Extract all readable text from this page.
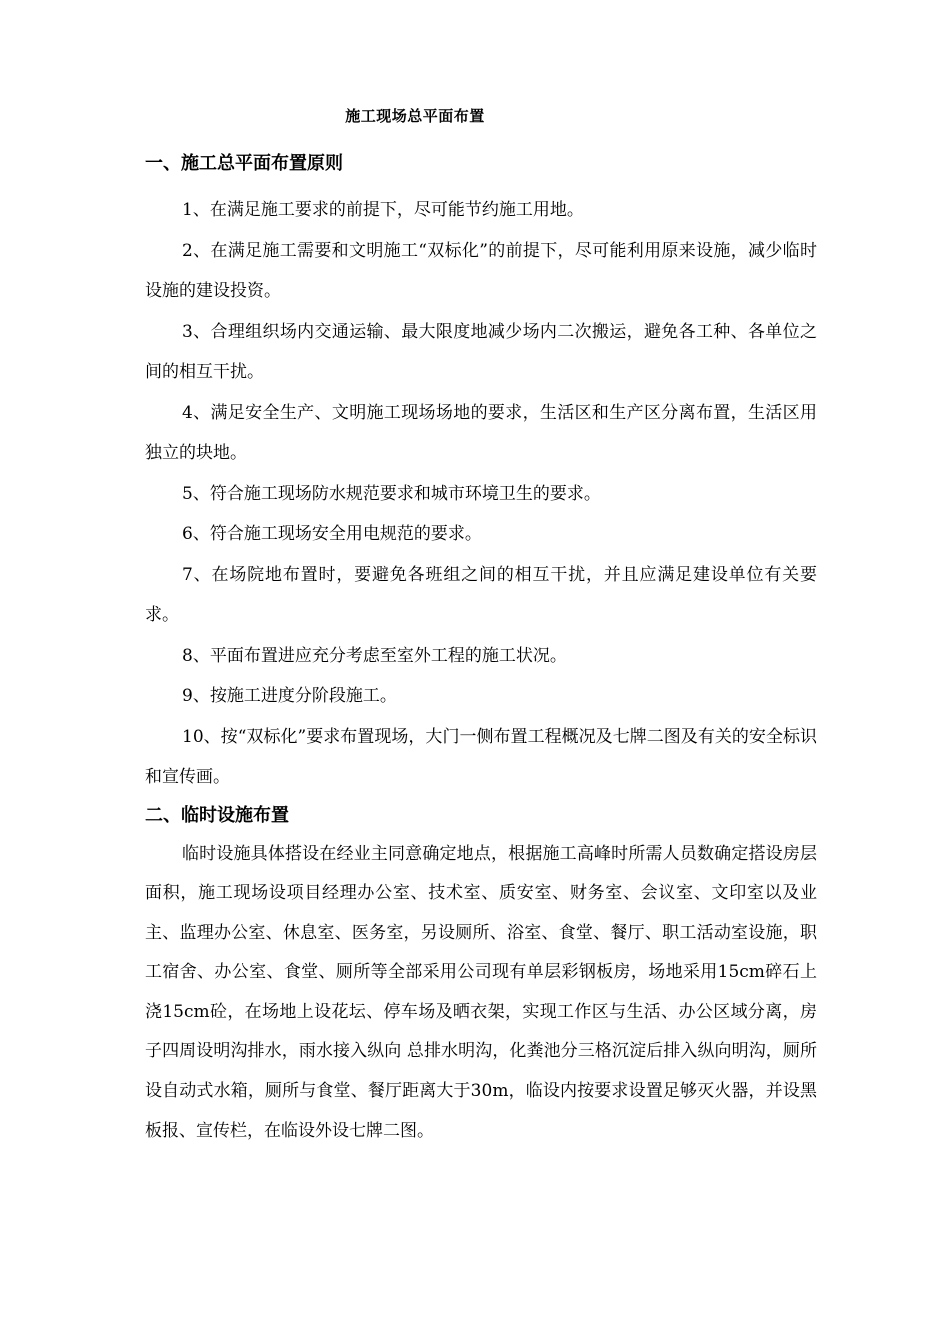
施工现场总平面布置
一、施工总平面布置原则

1、在满足施工要求的前提下，尽可能节约施工用地。

2、在满足施工需要和文明施工“双标化”的前提下，尽可能利用原来设施，减少临时设施的建设投资。

3、合理组织场内交通运输、最大限度地减少场内二次搬运，避免各工种、各单位之间的相互干扰。

4、满足安全生产、文明施工现场场地的要求，生活区和生产区分离布置，生活区用独立的块地。

5、符合施工现场防水规范要求和城市环境卫生的要求。

6、符合施工现场安全用电规范的要求。

7、在场院地布置时，要避免各班组之间的相互干扰，并且应满足建设单位有关要求。

8、平面布置进应充分考虑至室外工程的施工状况。

9、按施工进度分阶段施工。

10、按“双标化”要求布置现场，大门一侧布置工程概况及七牌二图及有关的安全标识和宣传画。

二、临时设施布置

临时设施具体搭设在经业主同意确定地点，根据施工高峰时所需人员数确定搭设房层面积，施工现场设项目经理办公室、技术室、质安室、财务室、会议室、文印室以及业主、监理办公室、休息室、医务室，另设厕所、浴室、食堂、餐厅、职工活动室设施，职工宿舍、办公室、食堂、厕所等全部采用公司现有单层彩钢板房，场地采用15cm碎石上浇15cm砼，在场地上设花坛、停车场及晒衣架，实现工作区与生活、办公区域分离，房子四周设明沟排水，雨水接入纵向 总排水明沟，化粪池分三格沉淀后排入纵向明沟，厕所设自动式水箱，厕所与食堂、餐厅距离大于30m，临设内按要求设置足够灭火器，并设黑板报、宣传栏，在临设外设七牌二图。
